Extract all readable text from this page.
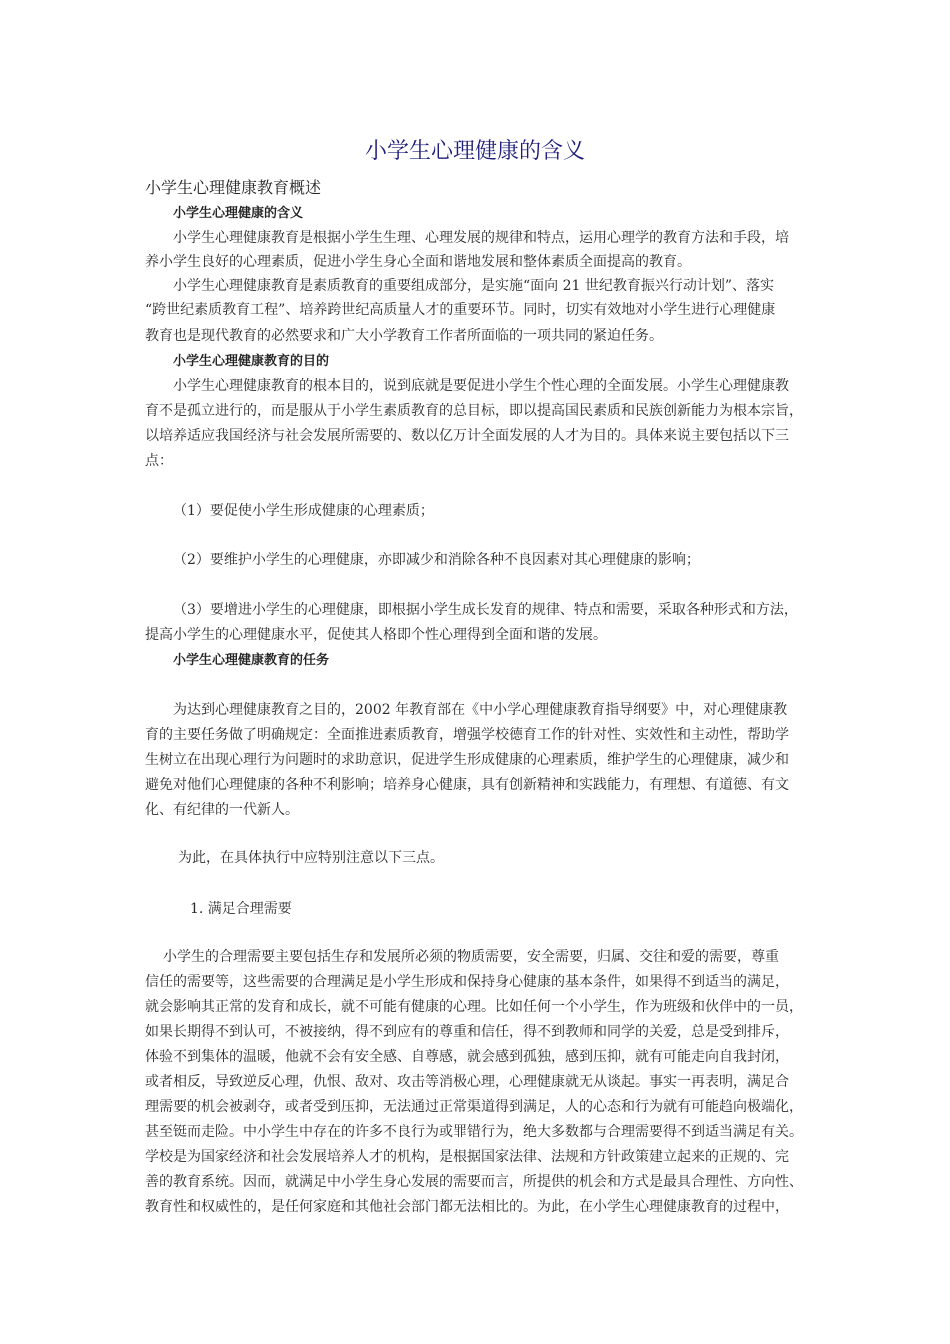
小学生心理健康的含义
小学生心理健康教育概述
小学生心理健康的含义
小学生心理健康教育是根据小学生生理、心理发展的规律和特点，运用心理学的教育方法和手段，培
养小学生良好的心理素质，促进小学生身心全面和谐地发展和整体素质全面提高的教育。
小学生心理健康教育是素质教育的重要组成部分，是实施“面向 21 世纪教育振兴行动计划”、落实
“跨世纪素质教育工程”、培养跨世纪高质量人才的重要环节。同时，切实有效地对小学生进行心理健康
教育也是现代教育的必然要求和广大小学教育工作者所面临的一项共同的紧迫任务。
小学生心理健康教育的目的
小学生心理健康教育的根本目的，说到底就是要促进小学生个性心理的全面发展。小学生心理健康教
育不是孤立进行的，而是服从于小学生素质教育的总目标，即以提高国民素质和民族创新能力为根本宗旨，
以培养适应我国经济与社会发展所需要的、数以亿万计全面发展的人才为目的。具体来说主要包括以下三
点：
（1）要促使小学生形成健康的心理素质；
（2）要维护小学生的心理健康，亦即减少和消除各种不良因素对其心理健康的影响；
（3）要增进小学生的心理健康，即根据小学生成长发育的规律、特点和需要，采取各种形式和方法，
提高小学生的心理健康水平，促使其人格即个性心理得到全面和谐的发展。
小学生心理健康教育的任务
为达到心理健康教育之目的，2002 年教育部在《中小学心理健康教育指导纲要》中，对心理健康教
育的主要任务做了明确规定：全面推进素质教育，增强学校德育工作的针对性、实效性和主动性，帮助学
生树立在出现心理行为问题时的求助意识，促进学生形成健康的心理素质，维护学生的心理健康，减少和
避免对他们心理健康的各种不利影响；培养身心健康，具有创新精神和实践能力，有理想、有道德、有文
化、有纪律的一代新人。
为此，在具体执行中应特别注意以下三点。
1. 满足合理需要
小学生的合理需要主要包括生存和发展所必须的物质需要，安全需要，归属、交往和爱的需要，尊重
信任的需要等，这些需要的合理满足是小学生形成和保持身心健康的基本条件，如果得不到适当的满足，
就会影响其正常的发育和成长，就不可能有健康的心理。比如任何一个小学生，作为班级和伙伴中的一员，
如果长期得不到认可，不被接纳，得不到应有的尊重和信任，得不到教师和同学的关爱，总是受到排斥，
体验不到集体的温暖，他就不会有安全感、自尊感，就会感到孤独，感到压抑，就有可能走向自我封闭，
或者相反，导致逆反心理，仇恨、敌对、攻击等消极心理，心理健康就无从谈起。事实一再表明，满足合
理需要的机会被剥夺，或者受到压抑，无法通过正常渠道得到满足，人的心态和行为就有可能趋向极端化，
甚至铤而走险。中小学生中存在的许多不良行为或罪错行为，绝大多数都与合理需要得不到适当满足有关。
学校是为国家经济和社会发展培养人才的机构，是根据国家法律、法规和方针政策建立起来的正规的、完
善的教育系统。因而，就满足中小学生身心发展的需要而言，所提供的机会和方式是最具合理性、方向性、
教育性和权威性的，是任何家庭和其他社会部门都无法相比的。为此，在小学生心理健康教育的过程中，
